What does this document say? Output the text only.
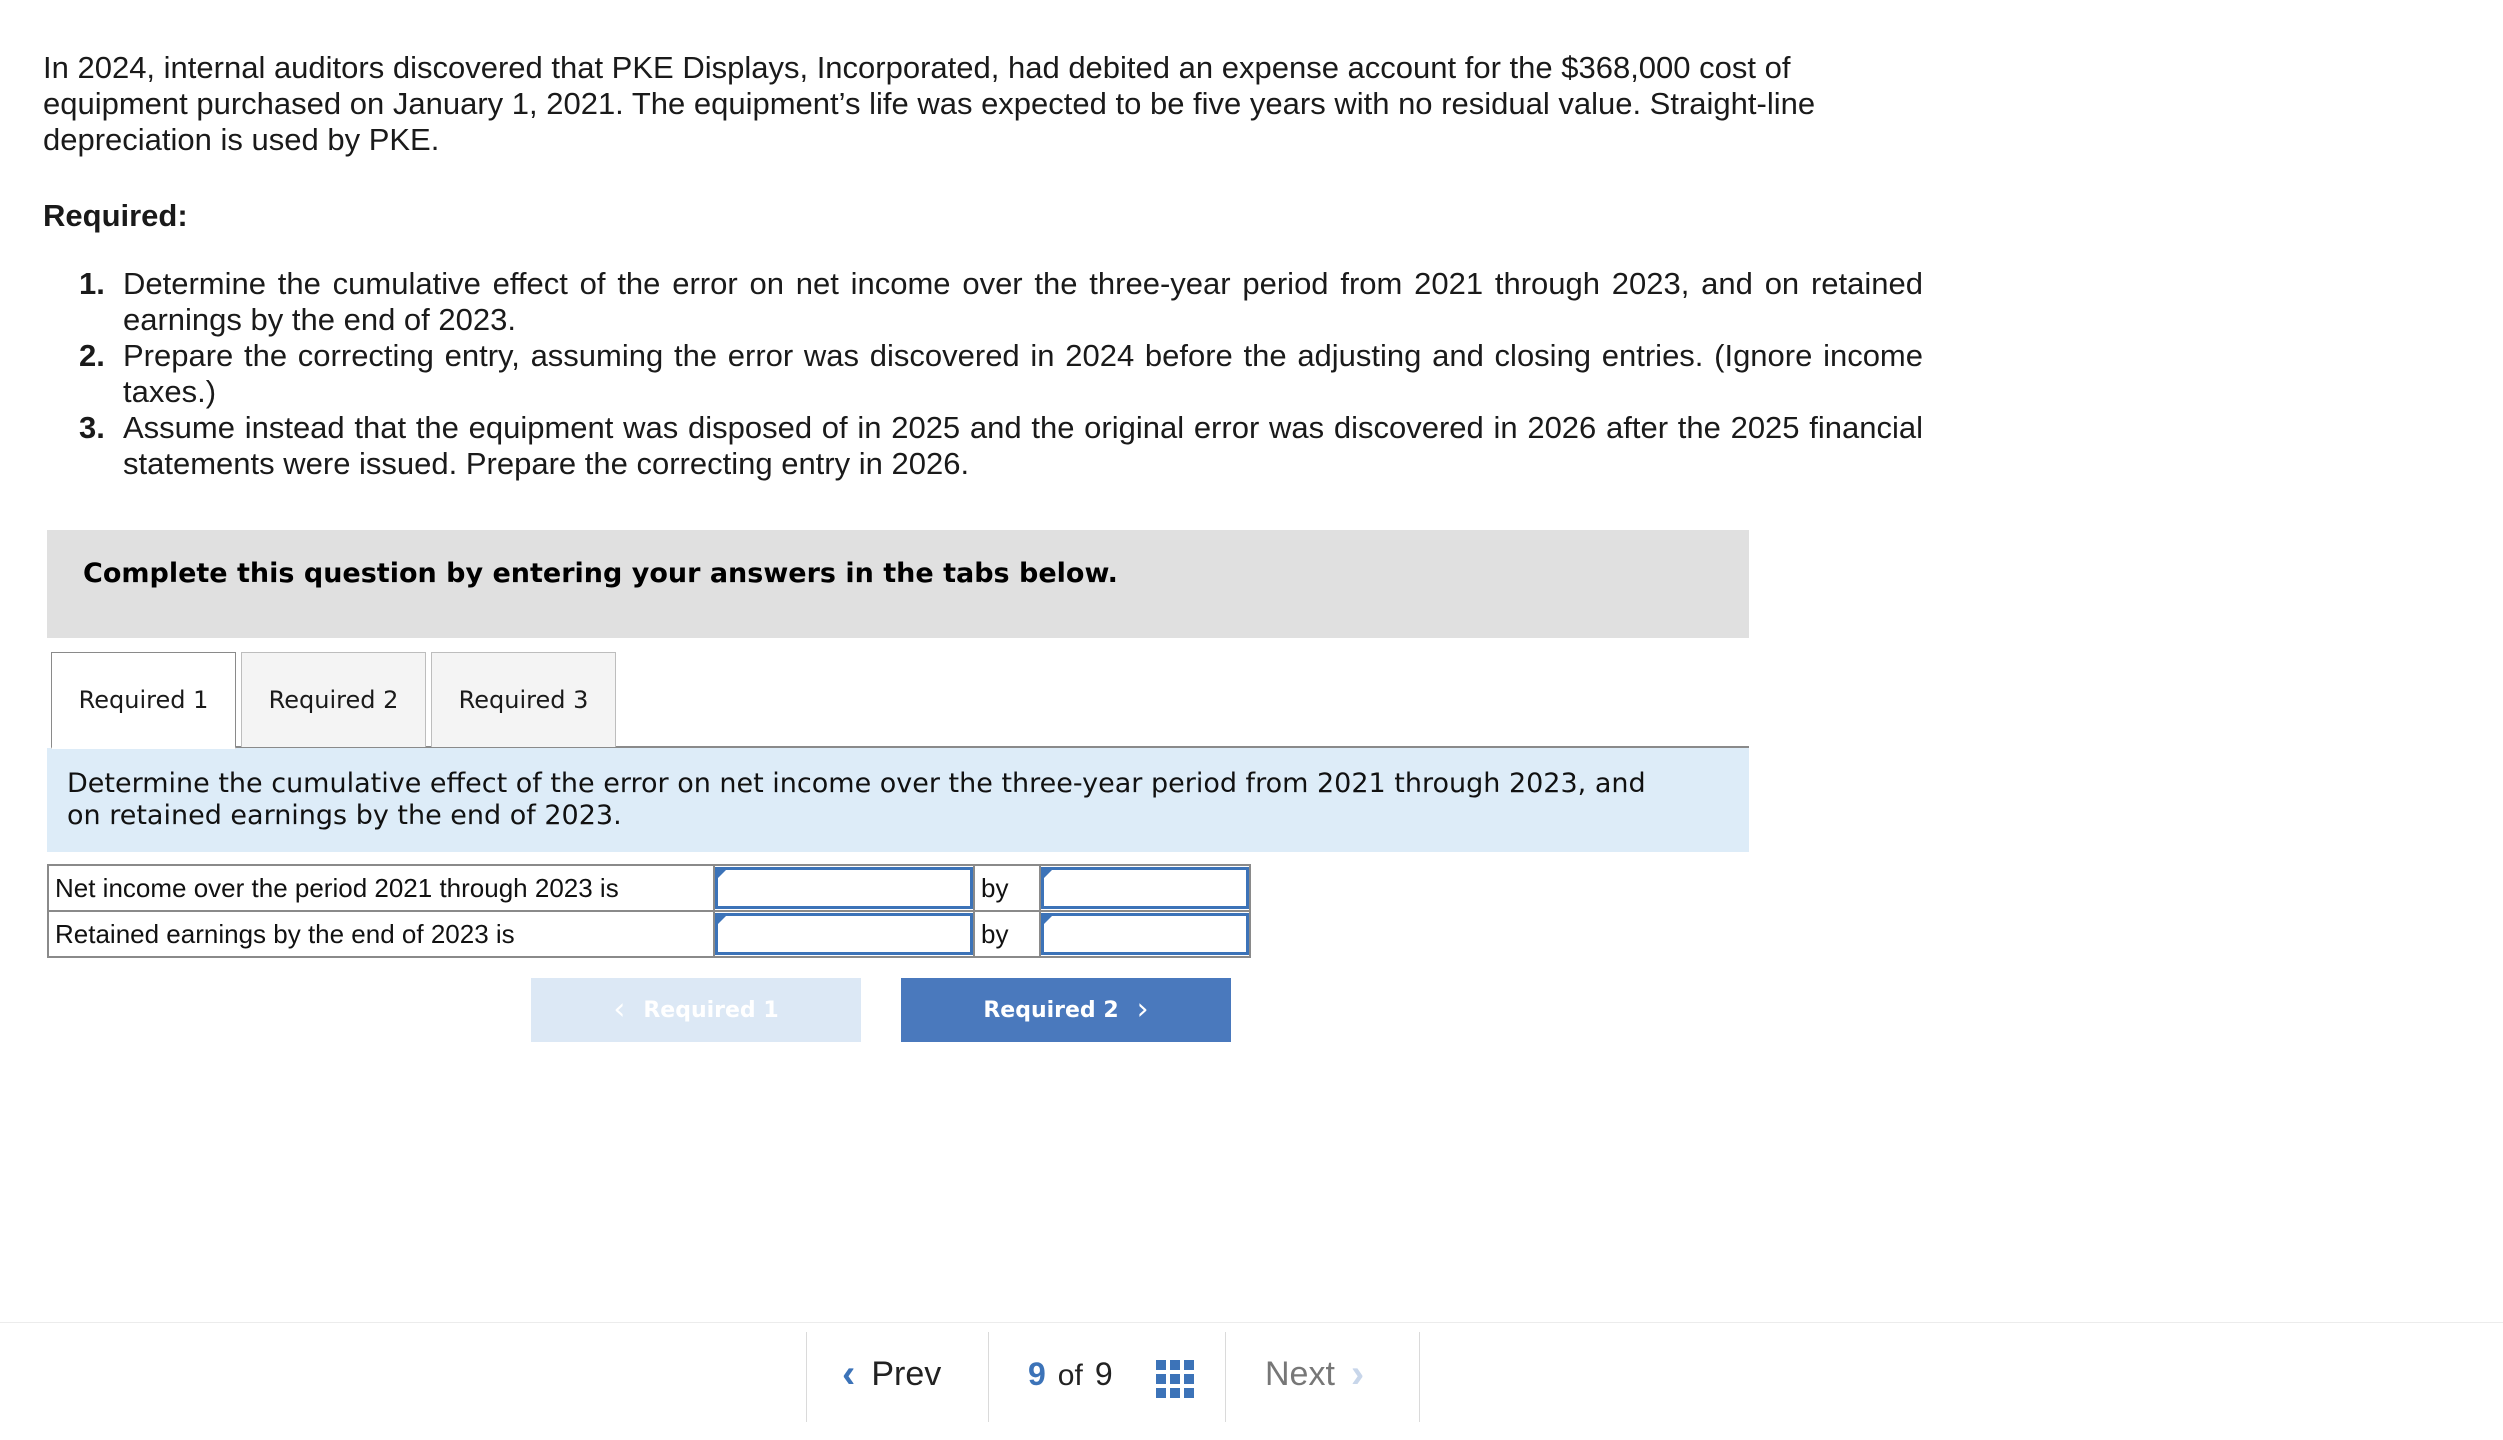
In 2024, internal auditors discovered that PKE Displays, Incorporated, had debited an expense account for the $368,000 cost of equipment purchased on January 1, 2021. The equipment’s life was expected to be five years with no residual value. Straight-line depreciation is used by PKE.

Required:
1. Determine the cumulative effect of the error on net income over the three-year period from 2021 through 2023, and on retained earnings by the end of 2023.
2. Prepare the correcting entry, assuming the error was discovered in 2024 before the adjusting and closing entries. (Ignore income taxes.)
3. Assume instead that the equipment was disposed of in 2025 and the original error was discovered in 2026 after the 2025 financial statements were issued. Prepare the correcting entry in 2026.
Complete this question by entering your answers in the tabs below.
Required 1	Required 2	Required 3
Determine the cumulative effect of the error on net income over the three-year period from 2021 through 2023, and on retained earnings by the end of 2023.
Net income over the period 2021 through 2023 is		by	

Retained earnings by the end of 2023 is		by	
‹ Required 1	Required 2 ›
‹ Prev	9 of 9	Next ›
